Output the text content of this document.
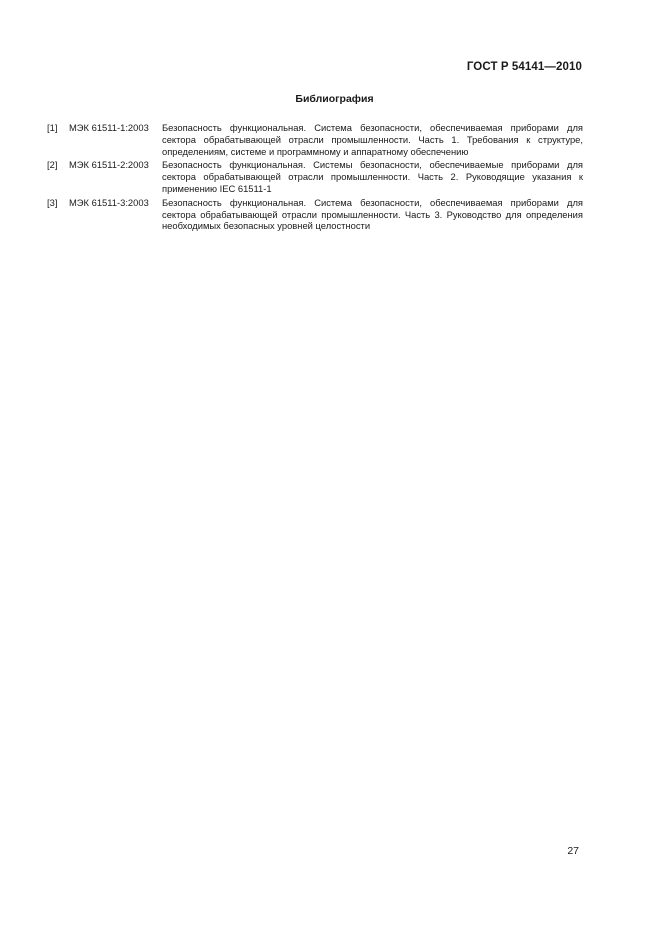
ГОСТ Р 54141—2010
Библиография
[1]	МЭК 61511-1:2003	Безопасность функциональная. Система безопасности, обеспечиваемая приборами для сектора обрабатывающей отрасли промышленности. Часть 1. Требования к структуре, определениям, системе и программному и аппаратному обеспечению
[2]	МЭК 61511-2:2003	Безопасность функциональная. Системы безопасности, обеспечиваемые приборами для сектора обрабатывающей отрасли промышленности. Часть 2. Руководящие указания к применению IEC 61511-1
[3]	МЭК 61511-3:2003	Безопасность функциональная. Система безопасности, обеспечиваемая приборами для сектора обрабатывающей отрасли промышленности. Часть 3. Руководство для определения необходимых безопасных уровней целостности
27
